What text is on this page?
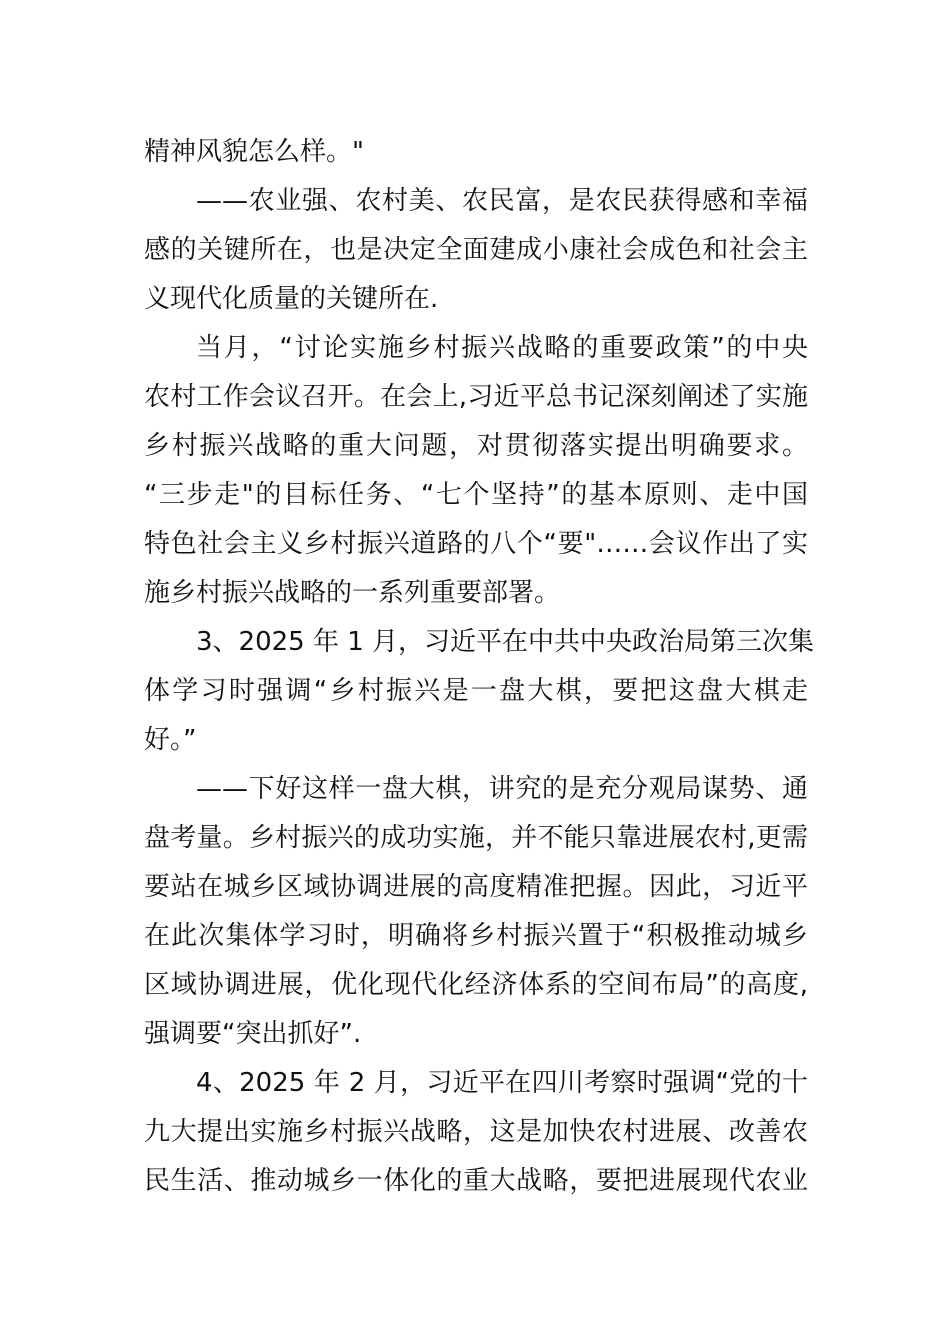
精神风貌怎么样。"
——农业强、农村美、农民富，是农民获得感和幸福
感的关键所在，也是决定全面建成小康社会成色和社会主
义现代化质量的关键所在.
当月，“讨论实施乡村振兴战略的重要政策”的中央
农村工作会议召开。在会上,习近平总书记深刻阐述了实施
乡村振兴战略的重大问题，对贯彻落实提出明确要求。
“三步走"的目标任务、“七个坚持”的基本原则、走中国
特色社会主义乡村振兴道路的八个“要"……会议作出了实
施乡村振兴战略的一系列重要部署。
3、2025 年 1 月，习近平在中共中央政治局第三次集
体学习时强调“乡村振兴是一盘大棋，要把这盘大棋走
好。”
——下好这样一盘大棋，讲究的是充分观局谋势、通
盘考量。乡村振兴的成功实施，并不能只靠进展农村,更需
要站在城乡区域协调进展的高度精准把握。因此，习近平
在此次集体学习时，明确将乡村振兴置于“积极推动城乡
区域协调进展，优化现代化经济体系的空间布局”的高度,
强调要“突出抓好”.
4、2025 年 2 月，习近平在四川考察时强调“党的十
九大提出实施乡村振兴战略，这是加快农村进展、改善农
民生活、推动城乡一体化的重大战略，要把进展现代农业
